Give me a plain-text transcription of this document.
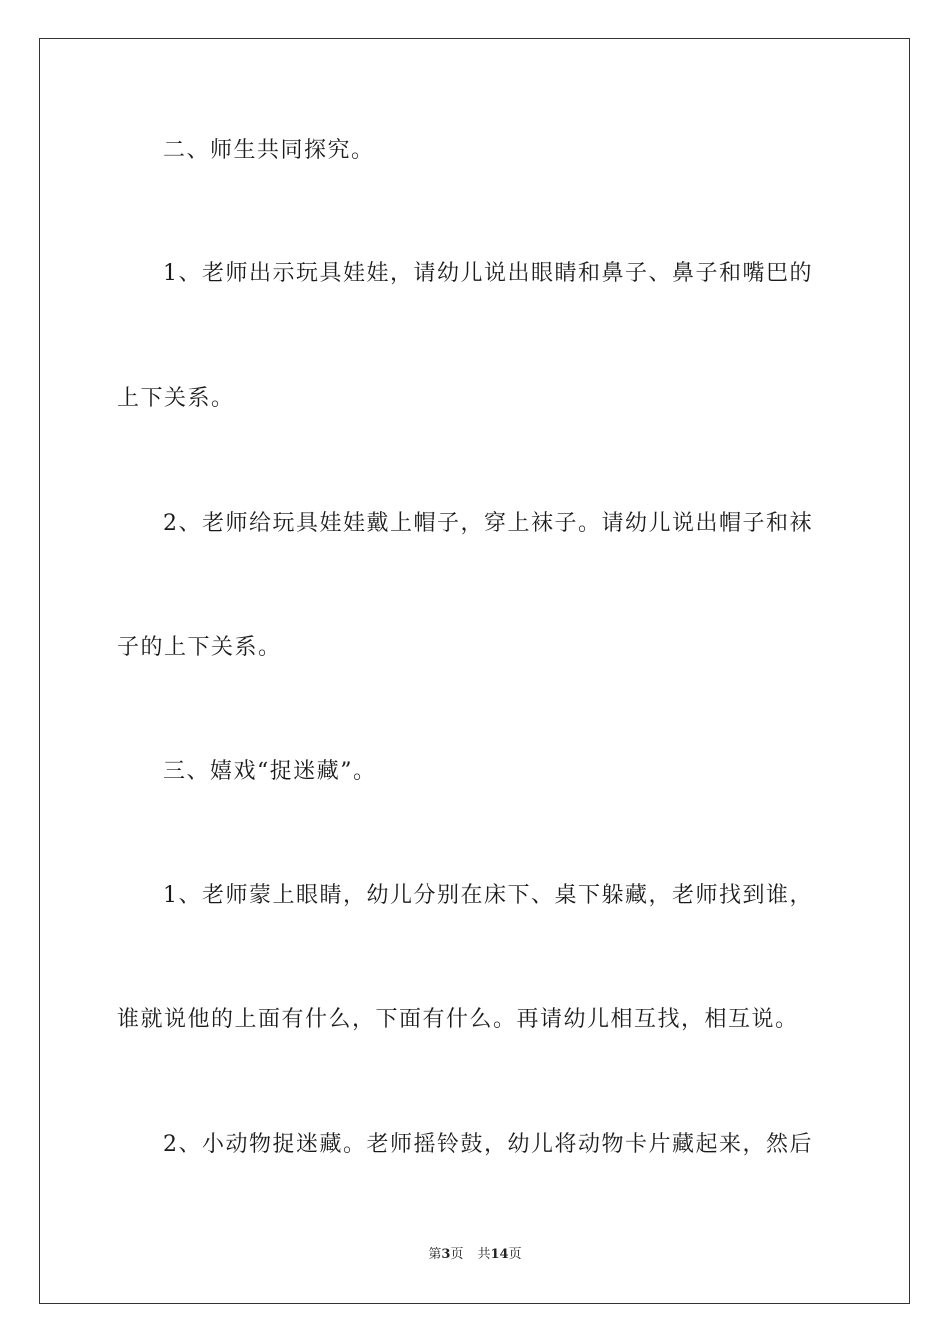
二、师生共同探究。
1、老师出示玩具娃娃，请幼儿说出眼睛和鼻子、鼻子和嘴巴的
上下关系。
2、老师给玩具娃娃戴上帽子，穿上袜子。请幼儿说出帽子和袜
子的上下关系。
三、嬉戏“捉迷藏”。
1、老师蒙上眼睛，幼儿分别在床下、桌下躲藏，老师找到谁，
谁就说他的上面有什么，下面有什么。再请幼儿相互找，相互说。
2、小动物捉迷藏。老师摇铃鼓，幼儿将动物卡片藏起来，然后
第3页 共14页
